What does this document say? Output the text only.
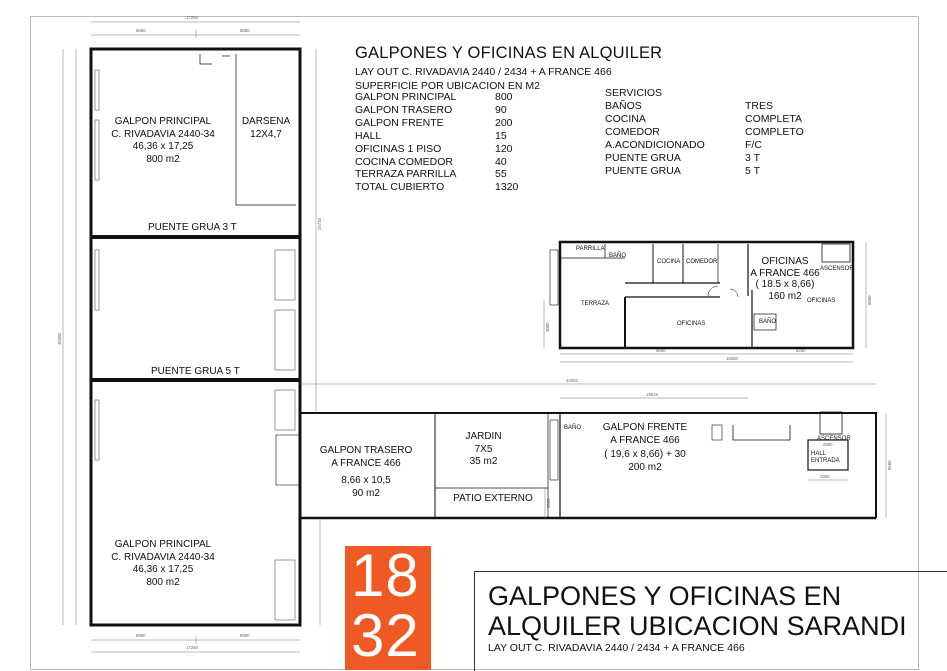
GALPONES Y OFICINAS EN ALQUILER
LAY OUT C. RIVADAVIA 2440 / 2434 + A FRANCE 466
SUPERFICIE POR UBICACION EN M2
GALPON PRINCIPAL	800
GALPON TRASERO	90
GALPON FRENTE	200
HALL	15
OFICINAS 1 PISO	120
COCINA COMEDOR	40
TERRAZA PARRILLA	55
TOTAL CUBIERTO	1320
SERVICIOS
BAÑOS	TRES
COCINA	COMPLETA
COMEDOR	COMPLETO
A.ACONDICIONADO	F/C
PUENTE GRUA	3 T
PUENTE GRUA	5 T
GALPON PRINCIPAL
C. RIVADAVIA 2440-34
46,36 x 17,25
800 m2
DARSENA
12X4,7
PUENTE GRUA 3 T
PUENTE GRUA 5 T
GALPON PRINCIPAL
C. RIVADAVIA 2440-34
46,36 x 17,25
800 m2
GALPON TRASERO
A FRANCE 466
8,66 x 10,5
90 m2
JARDIN
7X5
35 m2
PATIO EXTERNO
GALPON FRENTE
A FRANCE 466
( 19,6 x 8,66) + 30
200 m2
BAÑO
ASCENSOR
HALL
ENTRADA
PARRILLA
BAÑO
COCINA COMEDOR
TERRAZA
OFICINAS
OFICINAS
BAÑO
ASCENSOR
OFICINAS
A FRANCE 466
( 18.5 x 8,66)
160 m2
17250
8660	8590
8660	8590
17250
46360
25735
18250
9600	8250
8660
3000
44002
19618
8660
3000
3350
2950
18
32
GALPONES Y OFICINAS EN
ALQUILER UBICACION SARANDI
LAY OUT C. RIVADAVIA 2440 / 2434 + A FRANCE 466
